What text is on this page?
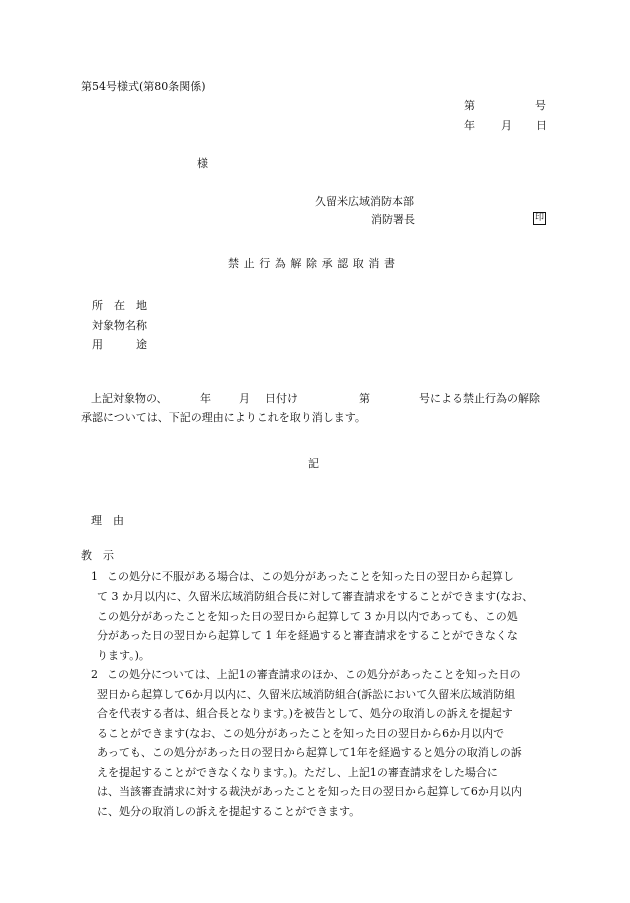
第54号様式(第80条関係)
第	号
年 月 日
様
久留米広域消防本部
消防署長	印
禁止行為解除承認取消書
所　在　地
対象物名称
用　　　途
上記対象物の、	年	月 日付け	第	号による禁止行為の解除
承認については、下記の理由によりこれを取り消します。
記
理　由
教　示
1 この処分に不服がある場合は、この処分があったことを知った日の翌日から起算し
て 3 か月以内に、久留米広域消防組合長に対して審査請求をすることができます(なお、
この処分があったことを知った日の翌日から起算して 3 か月以内であっても、この処
分があった日の翌日から起算して 1 年を経過すると審査請求をすることができなくな
ります。)。
2 この処分については、上記1の審査請求のほか、この処分があったことを知った日の
翌日から起算して6か月以内に、久留米広域消防組合(訴訟において久留米広域消防組
合を代表する者は、組合長となります。)を被告として、処分の取消しの訴えを提起す
ることができます(なお、この処分があったことを知った日の翌日から6か月以内で
あっても、この処分があった日の翌日から起算して1年を経過すると処分の取消しの訴
えを提起することができなくなります。)。ただし、上記1の審査請求をした場合に
は、当該審査請求に対する裁決があったことを知った日の翌日から起算して6か月以内
に、処分の取消しの訴えを提起することができます。
